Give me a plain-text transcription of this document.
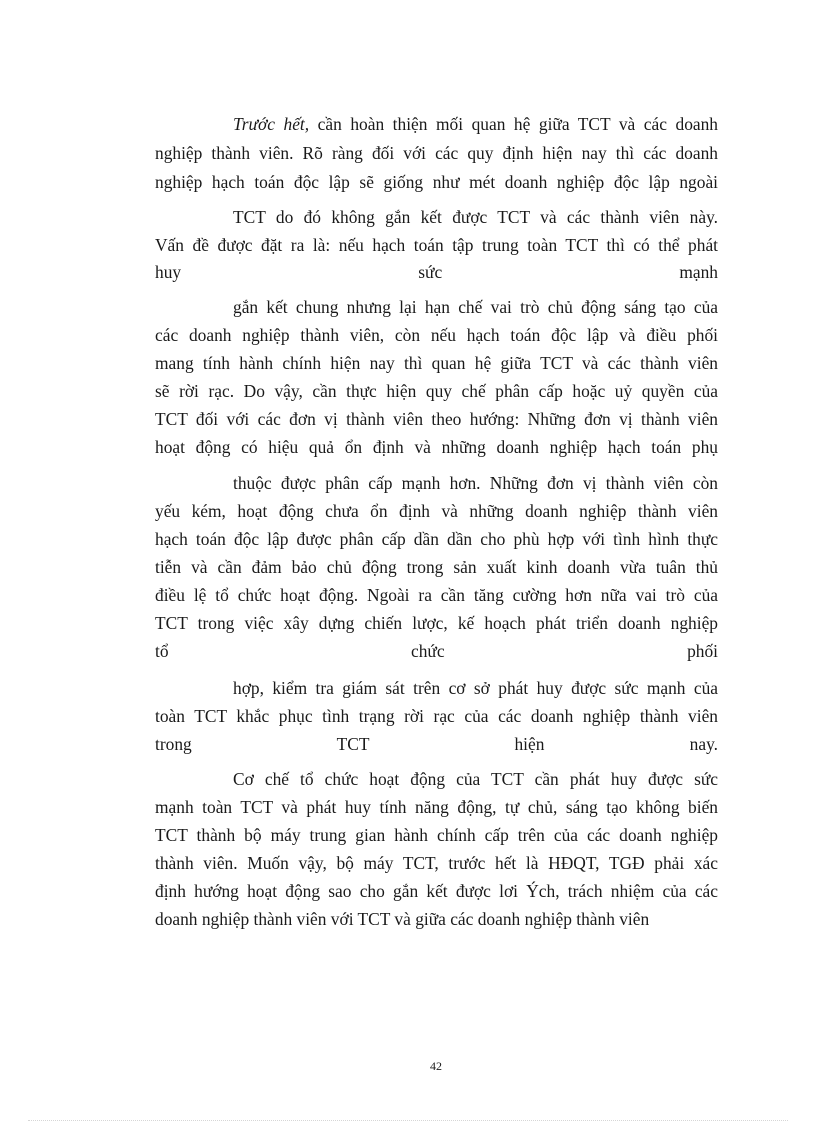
Trước hết, cần hoàn thiện mối quan hệ giữa TCT và các doanh
nghiệp thành viên. Rõ ràng đối với các quy định hiện nay thì các doanh
nghiệp hạch toán độc lập sẽ giống như mét doanh nghiệp độc lập ngoài
TCT do đó không gắn kết được TCT và các thành viên này.
Vấn đề được đặt ra là: nếu hạch toán tập trung toàn TCT thì có thể phát
huy sức mạnh
gắn kết chung nhưng lại hạn chế vai trò chủ động sáng tạo của
các doanh nghiệp thành viên, còn nếu hạch toán độc lập và điều phối
mang tính hành chính hiện nay thì quan hệ giữa TCT và các thành viên
sẽ rời rạc. Do vậy, cần thực hiện quy chế phân cấp hoặc uỷ quyền của
TCT đối với các đơn vị thành viên theo hướng: Những đơn vị thành viên
hoạt động có hiệu quả ổn định và những doanh nghiệp hạch toán phụ
thuộc được phân cấp mạnh hơn. Những đơn vị thành viên còn
yếu kém, hoạt động chưa ổn định và những doanh nghiệp thành viên
hạch toán độc lập được phân cấp dần dần cho phù hợp với tình hình thực
tiễn và cần đảm bảo chủ động trong sản xuất kinh doanh vừa tuân thủ
điều lệ tổ chức hoạt động. Ngoài ra cần tăng cường hơn nữa vai trò của
TCT trong việc xây dựng chiến lược, kế hoạch phát triển doanh nghiệp
tổ chức phối
hợp, kiểm tra giám sát trên cơ sở phát huy được sức mạnh của
toàn TCT khắc phục tình trạng rời rạc của các doanh nghiệp thành viên
trong TCT hiện nay.
Cơ chế tổ chức hoạt động của TCT cần phát huy được sức
mạnh toàn TCT và phát huy tính năng động, tự chủ, sáng tạo không biến
TCT thành bộ máy trung gian hành chính cấp trên của các doanh nghiệp
thành viên. Muốn vậy, bộ máy TCT, trước hết là HĐQT, TGĐ phải xác
định hướng hoạt động sao cho gắn kết được lơi Ých, trách nhiệm của các
doanh nghiệp thành viên với TCT và giữa các doanh nghiệp thành viên
42
